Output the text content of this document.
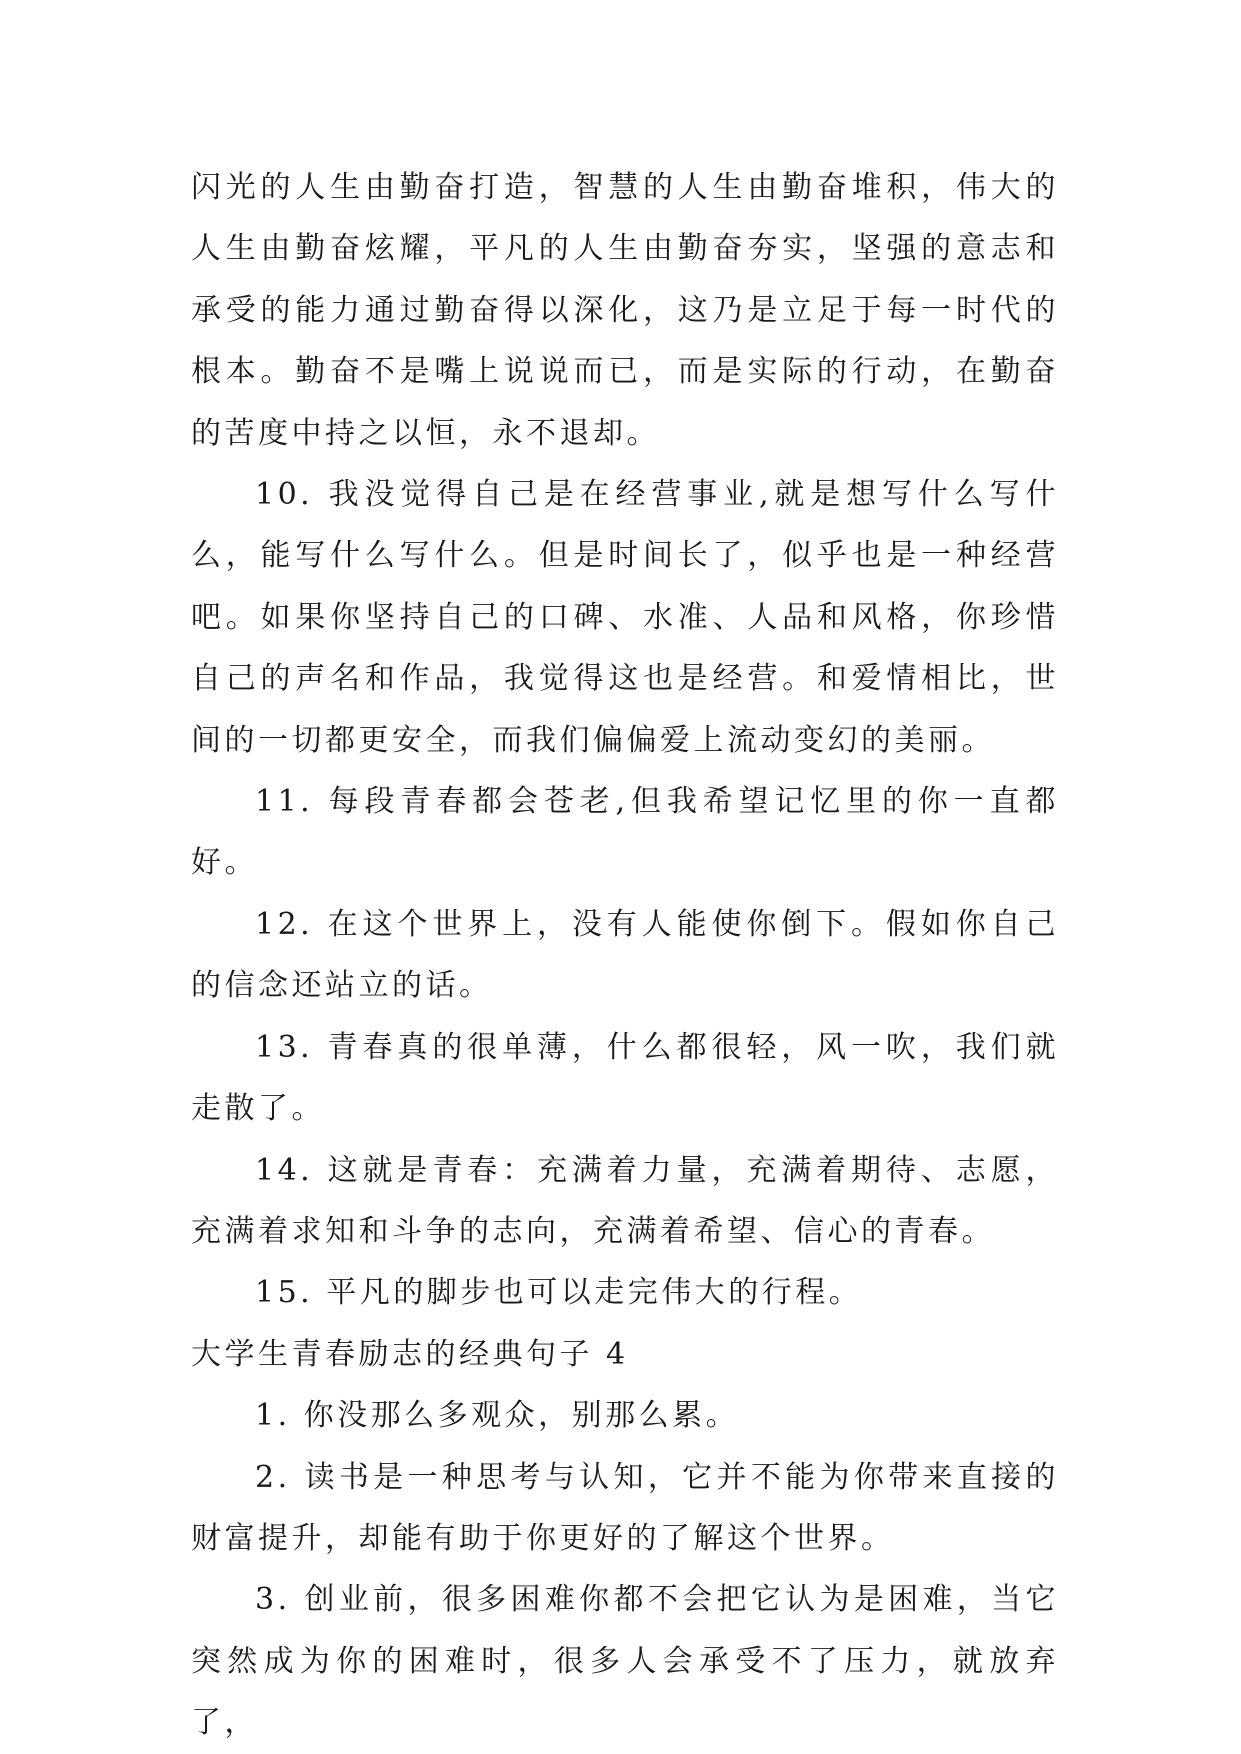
闪光的人生由勤奋打造，智慧的人生由勤奋堆积，伟大的人生由勤奋炫耀，平凡的人生由勤奋夯实，坚强的意志和承受的能力通过勤奋得以深化，这乃是立足于每一时代的根本。勤奋不是嘴上说说而已，而是实际的行动，在勤奋的苦度中持之以恒，永不退却。

10. 我没觉得自己是在经营事业,就是想写什么写什么，能写什么写什么。但是时间长了，似乎也是一种经营吧。如果你坚持自己的口碑、水准、人品和风格，你珍惜自己的声名和作品，我觉得这也是经营。和爱情相比，世间的一切都更安全，而我们偏偏爱上流动变幻的美丽。

11. 每段青春都会苍老,但我希望记忆里的你一直都好。

12. 在这个世界上，没有人能使你倒下。假如你自己的信念还站立的话。

13. 青春真的很单薄，什么都很轻，风一吹，我们就走散了。

14. 这就是青春：充满着力量，充满着期待、志愿，充满着求知和斗争的志向，充满着希望、信心的青春。

15. 平凡的脚步也可以走完伟大的行程。

大学生青春励志的经典句子 4

1. 你没那么多观众，别那么累。

2. 读书是一种思考与认知，它并不能为你带来直接的财富提升，却能有助于你更好的了解这个世界。

3. 创业前，很多困难你都不会把它认为是困难，当它突然成为你的困难时，很多人会承受不了压力，就放弃了，
